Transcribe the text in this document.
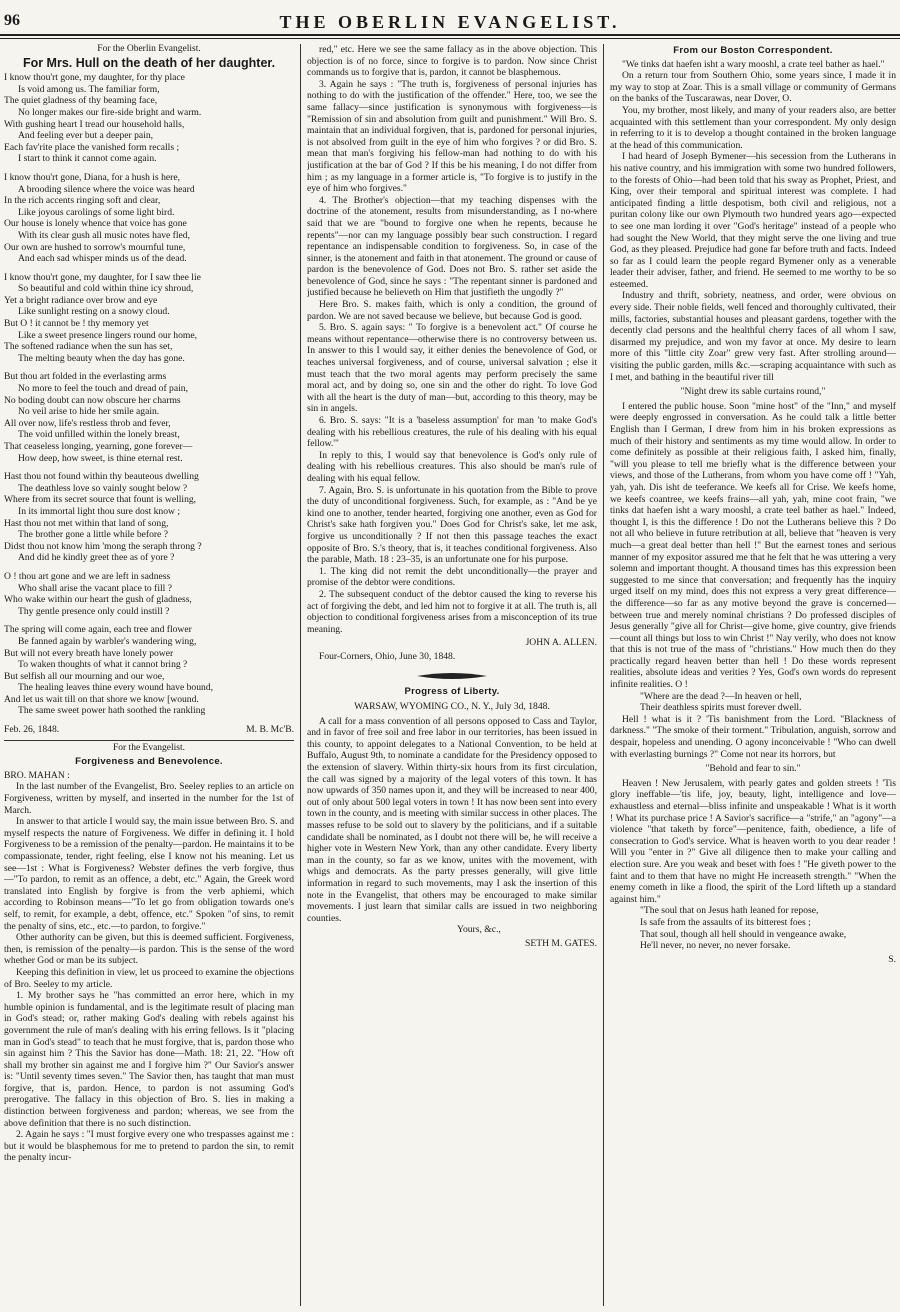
96	THE OBERLIN EVANGELIST.
For the Oberlin Evangelist.
For Mrs. Hull on the death of her daughter.
I know thou'rt gone, my daughter, for thy place
Is void among us. The familiar form,
The quiet gladness of thy beaming face,
No longer makes our fire-side bright and warm.
With gushing heart I tread our household halls,
And feeling ever but a deeper pain,
Each fav'rite place the vanished form recalls ;
I start to think it cannot come again.
I know thou'rt gone, Diana, for a hush is here,
A brooding silence where the voice was heard
In the rich accents ringing soft and clear,
Like joyous carolings of some light bird.
Our house is lonely whence that voice has gone
With its clear gush all music notes have fled,
Our own are hushed to sorrow's mournful tune,
And each sad whisper minds us of the dead.
I know thou'rt gone, my daughter, for I saw thee lie
So beautiful and cold within thine icy shroud,
Yet a bright radiance over brow and eye
Like sunlight resting on a snowy cloud.
But O ! it cannot be ! thy memory yet
Like a sweet presence lingers round our home,
The softened radiance when the sun has set,
The melting beauty when the day has gone.
But thou art folded in the everlasting arms
No more to feel the touch and dread of pain,
No boding doubt can now obscure her charms
No veil arise to hide her smile again.
All over now, life's restless throb and fever,
The void unfilled within the lonely breast,
That ceaseless longing, yearning, gone forever—
How deep, how sweet, is thine eternal rest.
Hast thou not found within thy beauteous dwelling
The deathless love so vainly sought below ?
Where from its secret source that fount is welling,
In its immortal light thou sure dost know ;
Hast thou not met within that land of song,
The brother gone a little while before ?
Didst thou not know him 'mong the seraph throng ?
And did he kindly greet thee as of yore ?
O ! thou art gone and we are left in sadness
Who shall arise the vacant place to fill ?
Who wake within our heart the gush of gladness,
Thy gentle presence only could instill ?
The spring will come again, each tree and flower
Be fanned again by warbler's wandering wing,
But will not every breath have lonely power
To waken thoughts of what it cannot bring ?
But selfish all our mourning and our woe,
The healing leaves thine every wound have bound,
And let us wait till on that shore we know [wound.
The same sweet power hath soothed the rankling
Feb. 26, 1848.	M. B. Mc'B.
For the Evangelist.
Forgiveness and Benevolence.

BRO. MAHAN :

In the last number of the Evangelist, Bro. Seeley replies to an article on Forgiveness, written by myself, and inserted in the number for the 1st of March.

In answer to that article I would say, the main issue between Bro. S. and myself respects the nature of Forgiveness. We differ in defining it. I hold Forgiveness to be a remission of the penalty—pardon. He maintains it to be compassionate, tender, right feeling, else I know not his meaning. Let us see—1st : What is Forgiveness? Webster defines the verb forgive, thus—"To pardon, to remit as an offence, a debt, etc." Again, the Greek word translated into English by forgive is from the verb aphiemi, which according to Robinson means—"To let go from obligation towards one's self, to remit, for example, a debt, offence, etc." Spoken "of sins, to remit the penalty of sins, etc., etc.—to pardon, to forgive."

Other authority can be given, but this is deemed sufficient. Forgiveness, then, is remission of the penalty—is pardon. This is the sense of the word whether God or man be its subject.

Keeping this definition in view, let us proceed to examine the objections of Bro. Seeley to my article.

1. My brother says he "has committed an error here, which in my humble opinion is fundamental, and is the legitimate result of placing man in God's stead; or, rather making God's dealing with rebels against his government the rule of man's dealing with his erring fellows. Is it "placing man in God's stead" to teach that he must forgive, that is, pardon those who sin against him ? This the Savior has done—Math. 18: 21, 22. "How oft shall my brother sin against me and I forgive him ?" Our Savior's answer is: "Until seventy times seven." The Savior then, has taught that man must forgive, that is, pardon. Hence, to pardon is not assuming God's prerogative. The fallacy in this objection of Bro. S. lies in making a distinction between forgiveness and pardon; whereas, we see from the above definition that there is no such distinction.

2. Again he says : "I must forgive every one who trespasses against me : but it would be blasphemous for me to pretend to pardon the sin, to remit the penalty incur-

red," etc. Here we see the same fallacy as in the above objection. This objection is of no force, since to forgive is to pardon. Now since Christ commands us to forgive that is, pardon, it cannot be blasphemous.

3. Again he says : "The truth is, forgiveness of personal injuries has nothing to do with the justification of the offender." Here, too, we see the same fallacy—since justification is synonymous with forgiveness—is "Remission of sin and absolution from guilt and punishment." Will Bro. S. maintain that an individual forgiven, that is, pardoned for personal injuries, is not absolved from guilt in the eye of him who forgives ? or did Bro. S. mean that man's forgiving his fellow-man had nothing to do with his justification at the bar of God ? If this be his meaning, I do not differ from him ; as my language in a former article is, "To forgive is to justify in the eye of him who forgives."

4. The Brother's objection—that my teaching dispenses with the doctrine of the atonement, results from misunderstanding, as I no-where said that we are "bound to forgive one when he repents, because he repents"—nor can my language possibly bear such construction. I regard repentance an indispensable condition to forgiveness. So, in case of the sinner, is the atonement and faith in that atonement. The ground or cause of pardon is the benevolence of God. Does not Bro. S. rather set aside the benevolence of God, since he says : "The repentant sinner is pardoned and justified because he believeth on Him that justifieth the ungodly ?"

Here Bro. S. makes faith, which is only a condition, the ground of pardon. We are not saved because we believe, but because God is good.

5. Bro. S. again says: " To forgive is a benevolent act." Of course he means without repentance—otherwise there is no controversy between us. In answer to this I would say, it either denies the benevolence of God, or teaches universal forgiveness, and of course, universal salvation ; else it must teach that the two moral agents may perform precisely the same moral act, and by doing so, one sin and the other do right. To love God with all the heart is the duty of man—but, according to this theory, may be sin in angels.

6. Bro. S. says: "It is a 'baseless assumption' for man 'to make God's dealing with his rebellious creatures, the rule of his dealing with his equal fellow.'"

In reply to this, I would say that benevolence is God's only rule of dealing with his rebellious creatures. This also should be man's rule of dealing with his equal fellow.

7. Again, Bro. S. is unfortunate in his quotation from the Bible to prove the duty of unconditional forgiveness. Such, for example, as : "And be ye kind one to another, tender hearted, forgiving one another, even as God for Christ's sake hath forgiven you." Does God for Christ's sake, let me ask, forgive us unconditionally ? If not then this passage teaches the exact opposite of Bro. S.'s theory, that is, it teaches conditional forgiveness. Also the parable, Math. 18 : 23–35, is an unfortunate one for his purpose.

1. The king did not remit the debt unconditionally—the prayer and promise of the debtor were conditions.

2. The subsequent conduct of the debtor caused the king to reverse his act of forgiving the debt, and led him not to forgive it at all. The truth is, all objection to conditional forgiveness arises from a misconception of its true meaning.

JOHN A. ALLEN.

Four-Corners, Ohio, June 30, 1848.

Progress of Liberty.
WARSAW, WYOMING CO., N. Y., July 3d, 1848.

A call for a mass convention of all persons opposed to Cass and Taylor, and in favor of free soil and free labor in our territories, has been issued in this county, to appoint delegates to a National Convention, to be held at Buffalo, August 9th, to nominate a candidate for the Presidency opposed to the extension of slavery. Within thirty-six hours from its first circulation, the call was signed by a majority of the legal voters of this town. It has now upwards of 350 names upon it, and they will be increased to near 400, out of only about 500 legal voters in town ! It has now been sent into every town in the county, and is meeting with similar success in other places. The masses refuse to be sold out to slavery by the politicians, and if a suitable candidate shall be nominated, as I doubt not there will be, he will receive a higher vote in Western New York, than any other candidate. Every liberty man in the county, so far as we know, unites with the movement, with whigs and democrats. As the party presses generally, will give little information in regard to such movements, may I ask the insertion of this note in the Evangelist, that others may be encouraged to make similar movements. I just learn that similar calls are issued in two neighboring counties.

Yours, &c.,
SETH M. GATES.
From our Boston Correspondent.

"We tinks dat haefen isht a wary mooshl, a crate teel bather as hael."

On a return tour from Southern Ohio, some years since, I made it in my way to stop at Zoar. This is a small village or community of Germans on the banks of the Tuscarawas, near Dover, O.

You, my brother, most likely, and many of your readers also, are better acquainted with this settlement than your correspondent. My only design in referring to it is to develop a thought contained in the broken language at the head of this communication.

I had heard of Joseph Bymener—his secession from the Lutherans in his native country, and his immigration with some two hundred followers, to the forests of Ohio—had been told that his sway as Prophet, Priest, and King, over their temporal and spiritual interest was complete. I had anticipated finding a little despotism, both civil and religious, not a puritan colony like our own Plymouth two hundred years ago—expected to see one man lording it over "God's heritage" instead of a people who had sought the New World, that they might serve the one living and true God, as they pleased. Prejudice had gone far before truth and facts. Indeed so far as I could learn the people regard Bymener only as a venerable leader their adviser, father, and friend. He seemed to me worthy to be so esteemed.

Industry and thrift, sobriety, neatness, and order, were obvious on every side. Their noble fields, well fenced and thoroughly cultivated, their mills, factories, substantial houses and pleasant gardens, together with the decently clad persons and the healthful cherry faces of all whom I saw, disarmed my prejudice, and won my favor at once. My desire to learn more of this "little city Zoar" grew very fast. After strolling around—visiting the public garden, mills &c.—scraping acquaintance with such as I met, and bathing in the beautiful river till

"Night drew its sable curtains round,"

I entered the public house. Soon "mine host" of the "Inn," and myself were deeply engrossed in conversation. As he could talk a little better English than I German, I drew from him in his broken expressions as much of their history and sentiments as my time would allow. In order to come definitely as possible at their religious faith, I asked him, finally, "will you please to tell me briefly what is the difference between your views, and those of the Lutherans, from whom you have come off ! "Yah, yah, yah. Dis isht de teeferance. We keefs all for Crise. We keefs home, we keefs coantree, we keefs frains—all yah, yah, mine coot frain, "we tinks dat haefen isht a wary mooshl, a crate teel bather as hael." Indeed, thought I, is this the difference ! Do not the Lutherans believe this ? Do not all who believe in future retribution at all, believe that "heaven is very much—a great deal better than hell !" But the earnest tones and serious manner of my expositor assured me that he felt that he was uttering a very solemn and important thought. A thousand times has this expression been suggested to me since that conversation; and frequently has the inquiry urged itself on my mind, does this not express a very great difference—the difference—so far as any motive beyond the grave is concerned—between true and merely nominal christians ? Do professed disciples of Jesus generally "give all for Christ—give home, give country, give friends—count all things but loss to win Christ !" Nay verily, who does not know that this is not true of the mass of "christians." How much then do they practically regard heaven better than hell ! Do these words represent realities, absolute ideas and verities ? Yes, God's own words do represent infinite realities. O !

"Where are the dead ?—In heaven or hell,
Their deathless spirits must forever dwell.

Hell ! what is it ? 'Tis banishment from the Lord. "Blackness of darkness." "The smoke of their torment." Tribulation, anguish, sorrow and despair, hopeless and unending. O agony inconceivable ! "Who can dwell with everlasting burnings ?" Come not near its horrors, but

"Behold and fear to sin."

Heaven ! New Jerusalem, with pearly gates and golden streets ! 'Tis glory ineffable—'tis life, joy, beauty, light, intelligence and love—exhaustless and eternal—bliss infinite and unspeakable ! What is it worth ! What its purchase price ! A Savior's sacrifice—a "strife," an "agony"—a violence "that taketh by force"—penitence, faith, obedience, a life of consecration to God's service. What is heaven worth to you dear reader ! Will you "enter in ?" Give all diligence then to make your calling and election sure. Are you weak and beset with foes ! "He giveth power to the faint and to them that have no might He increaseth strength." "When the enemy cometh in like a flood, the spirit of the Lord lifteth up a standard against him."

"The soul that on Jesus hath leaned for repose,
Is safe from the assaults of its bitterest foes ;
That soul, though all hell should in vengeance awake,
He'll never, no never, no never forsake.
S.
